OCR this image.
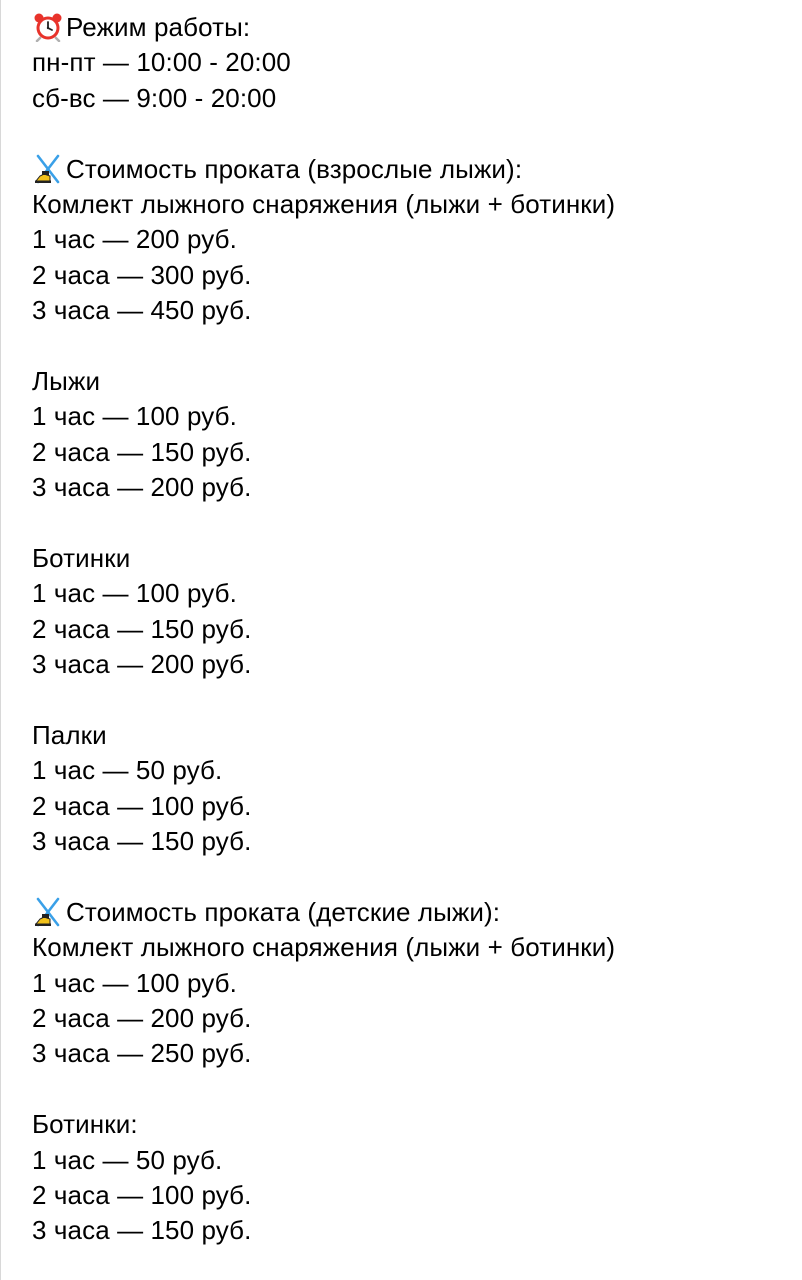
Режим работы:
пн-пт — 10:00 - 20:00
сб-вс — 9:00 - 20:00
Стоимость проката (взрослые лыжи):
Комлект лыжного снаряжения (лыжи + ботинки)
1 час — 200 руб.
2 часа — 300 руб.
3 часа — 450 руб.
Лыжи
1 час — 100 руб.
2 часа — 150 руб.
3 часа — 200 руб.
Ботинки
1 час — 100 руб.
2 часа — 150 руб.
3 часа — 200 руб.
Палки
1 час — 50 руб.
2 часа — 100 руб.
3 часа — 150 руб.
Стоимость проката (детские лыжи):
Комлект лыжного снаряжения (лыжи + ботинки)
1 час — 100 руб.
2 часа — 200 руб.
3 часа — 250 руб.
Ботинки:
1 час — 50 руб.
2 часа — 100 руб.
3 часа — 150 руб.
